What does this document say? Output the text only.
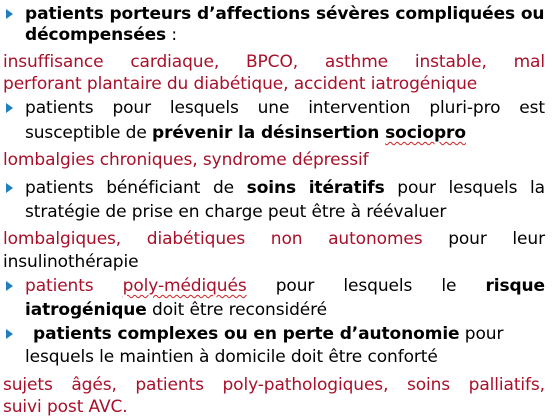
patients porteurs d’affections sévères compliquées ou
décompensées :
insuffisance cardiaque, BPCO, asthme instable, mal
perforant plantaire du diabétique, accident iatrogénique
patients pour lesquels une intervention pluri-pro est
susceptible de prévenir la désinsertion sociopro
lombalgies chroniques, syndrome dépressif
patients bénéficiant de soins itératifs pour lesquels la
stratégie de prise en charge peut être à réévaluer
lombalgiques, diabétiques non autonomes pour leur
insulinothérapie
patients poly-médiqués pour lesquels le risque
iatrogénique doit être reconsidéré
patients complexes ou en perte d’autonomie pour
lesquels le maintien à domicile doit être conforté
sujets âgés, patients poly-pathologiques, soins palliatifs,
suivi post AVC.
